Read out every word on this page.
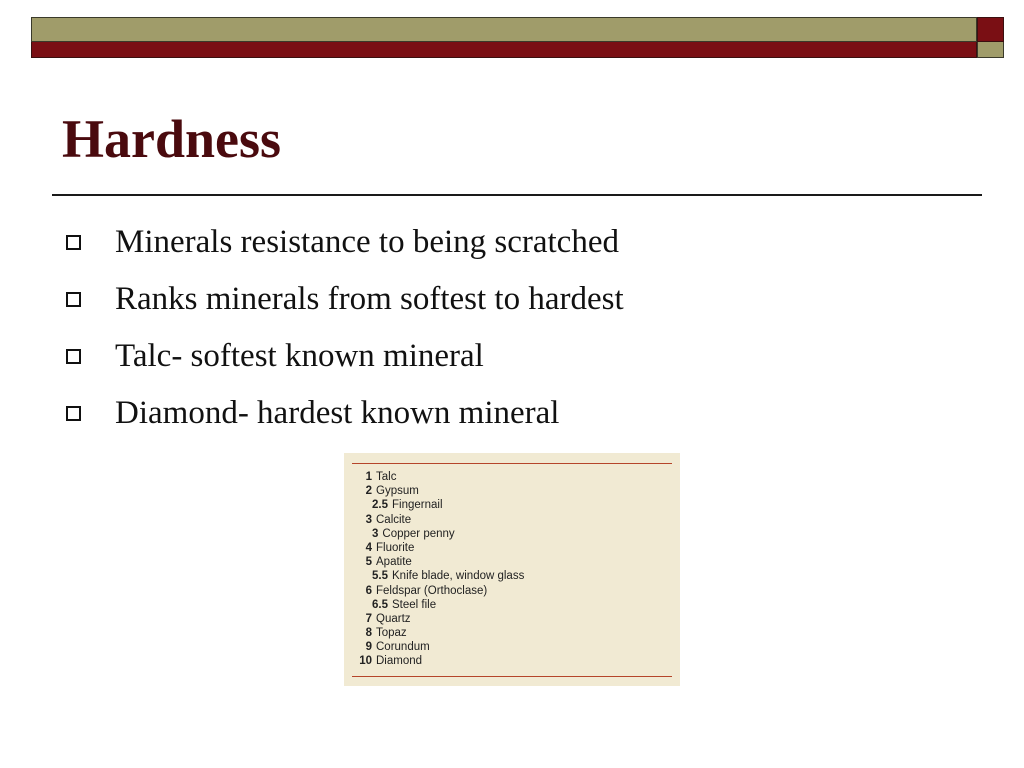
Hardness
Minerals resistance to being scratched
Ranks minerals from softest to hardest
Talc- softest known mineral
Diamond- hardest known mineral
1 Talc
2 Gypsum
2.5 Fingernail
3 Calcite
3 Copper penny
4 Fluorite
5 Apatite
5.5 Knife blade, window glass
6 Feldspar (Orthoclase)
6.5 Steel file
7 Quartz
8 Topaz
9 Corundum
10 Diamond
